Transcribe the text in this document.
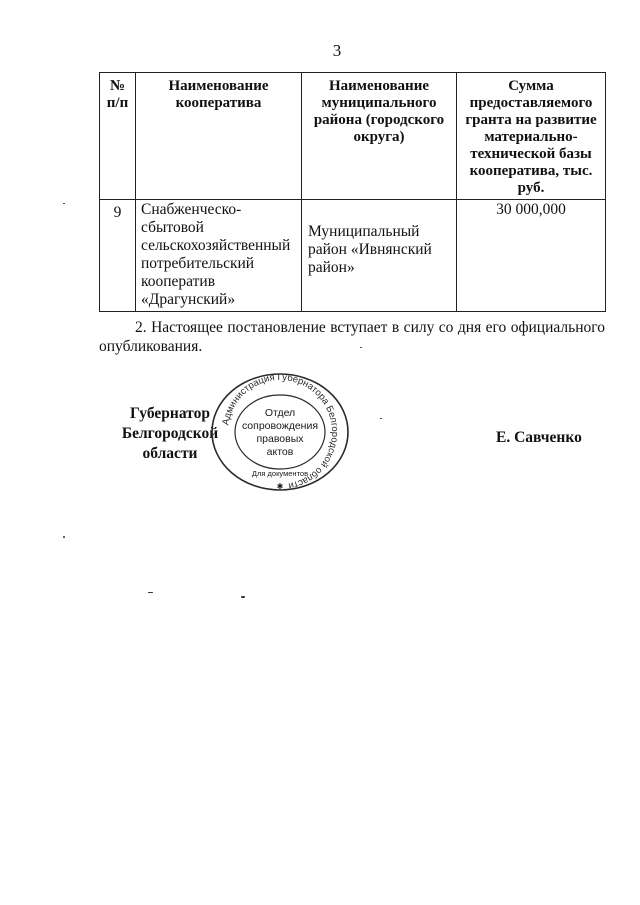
3
№ п/п	Наименование кооператива	Наименование муниципального района (городского округа)	Сумма предоставляемого гранта на развитие материально-технической базы кооператива, тыс. руб.
9	Снабженческо-сбытовой сельскохозяйственный потребительский кооператив «Драгунский»	Муниципальный район «Ивнянский район»	30 000,000
2. Настоящее постановление вступает в силу со дня его официального опубликования.
Губернатор
Белгородской области
Администрация Губернатора Белгородской области
Отдел
сопровождения
правовых
актов
Для документов
✱
Е. Савченко
